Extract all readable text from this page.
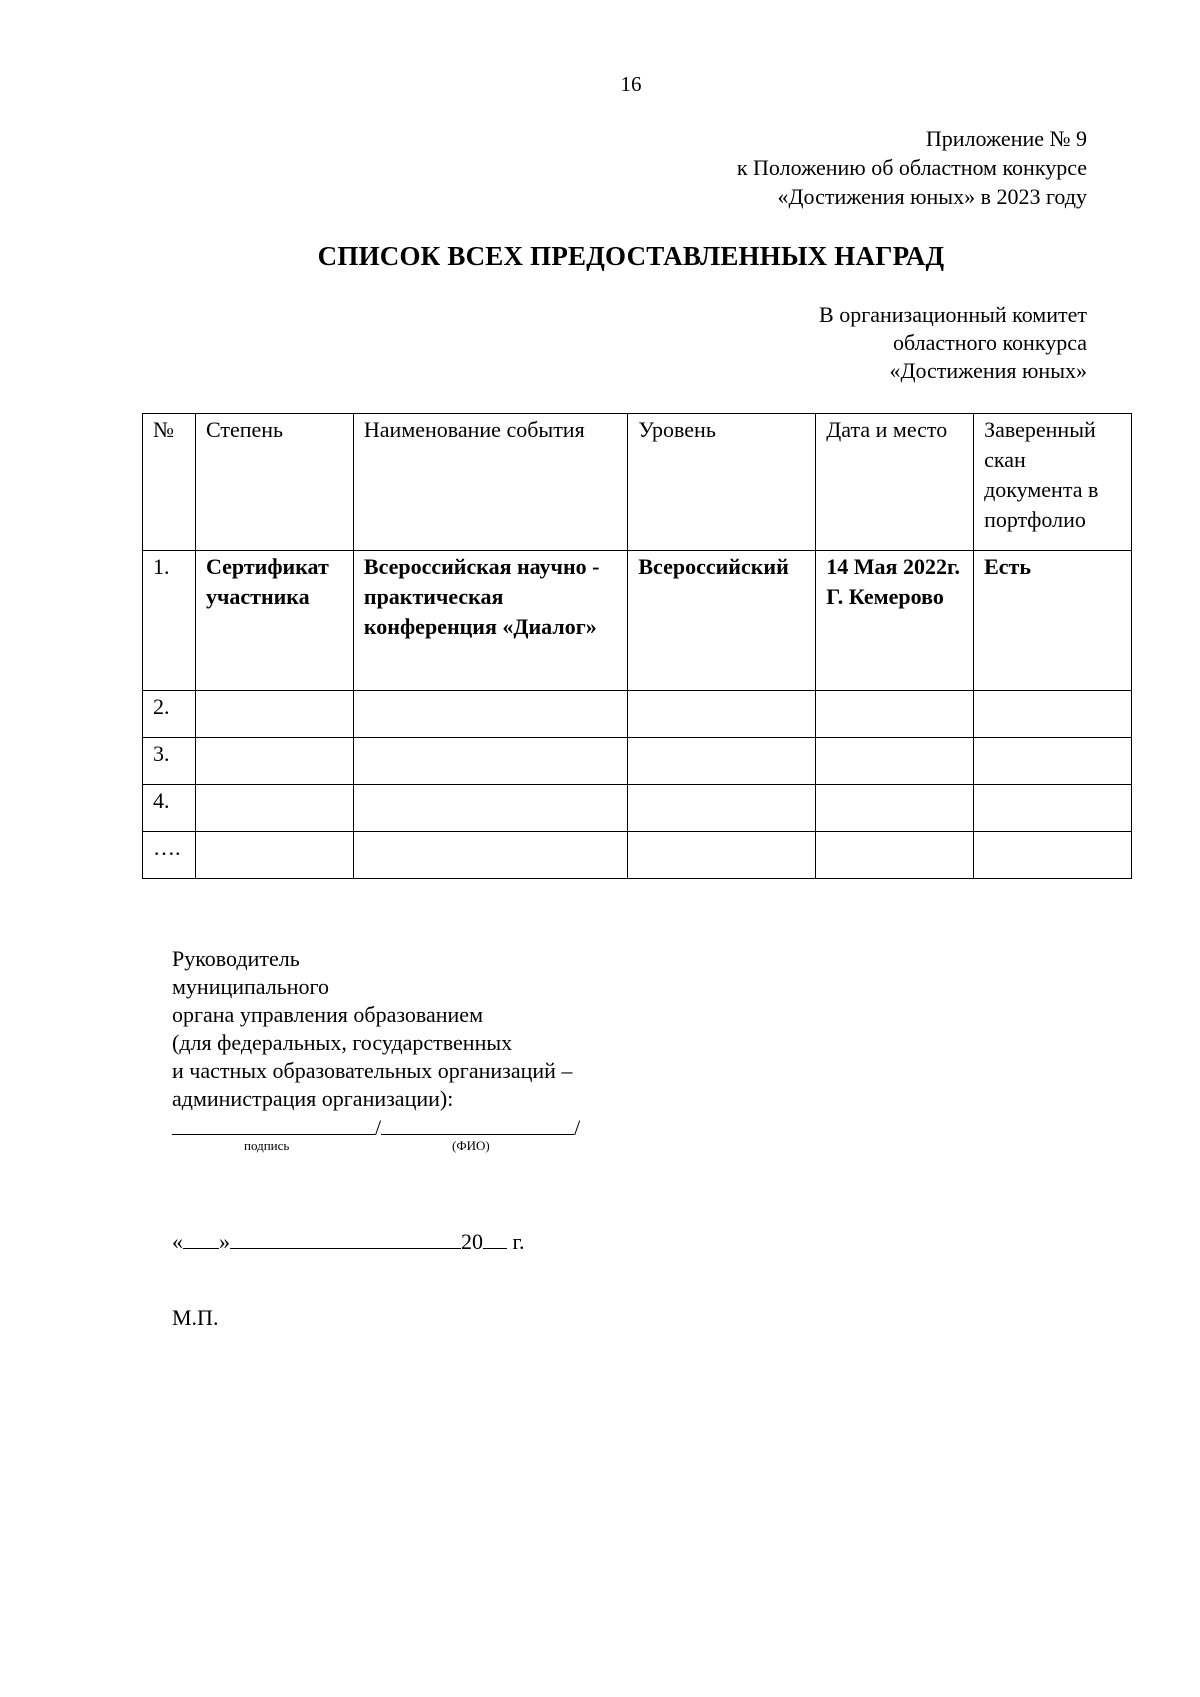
16
Приложение № 9
к Положению об областном конкурсе
«Достижения юных» в 2023 году
СПИСОК ВСЕХ ПРЕДОСТАВЛЕННЫХ НАГРАД
В организационный комитет
областного конкурса
«Достижения юных»
№	Степень	Наименование события	Уровень	Дата и место	Заверенный скан документа в портфолио
1.	Сертификат участника	Всероссийская научно - практическая конференция «Диалог»	Всероссийский	14 Мая 2022г. Г. Кемерово	Есть
2.					
3.					
4.					
….					
Руководитель
муниципального
органа управления образованием
(для федеральных, государственных
и частных образовательных организаций –
администрация организации):
/	/
подпись	(ФИО)
« »	20 г.
М.П.
